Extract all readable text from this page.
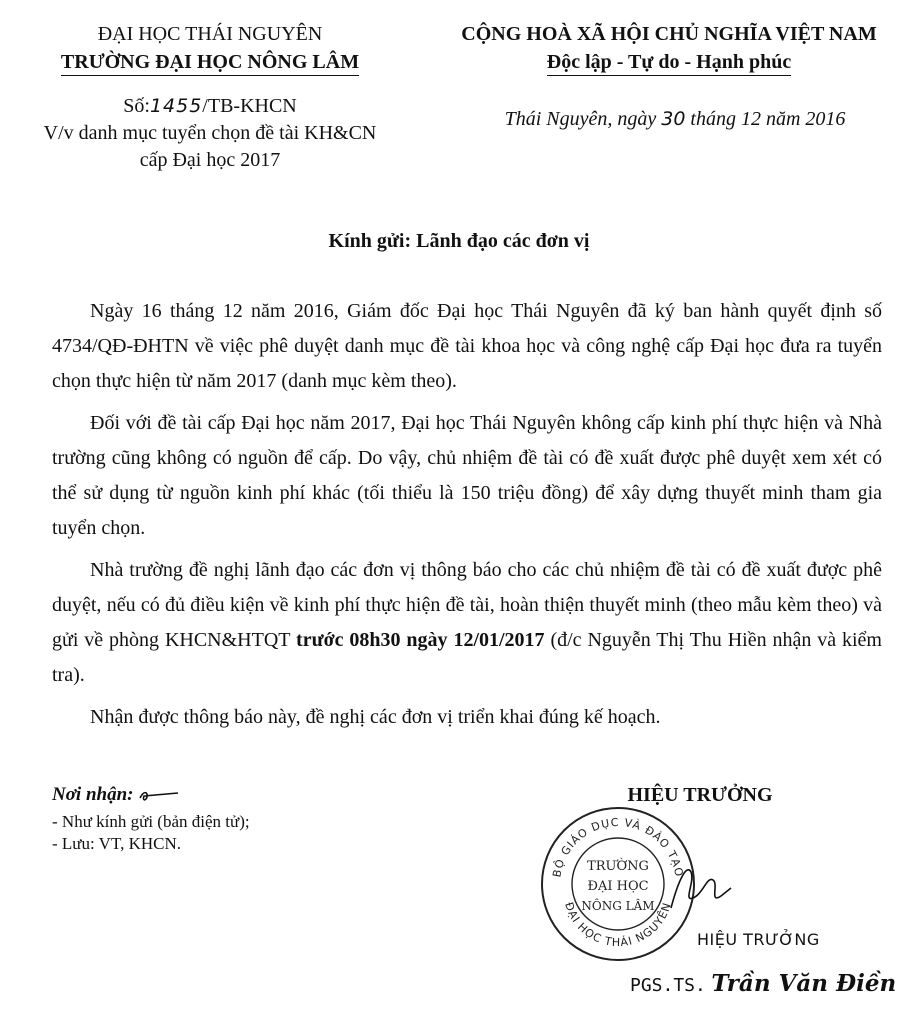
ĐẠI HỌC THÁI NGUYÊN
TRƯỜNG ĐẠI HỌC NÔNG LÂM
Số:1455/TB-KHCN
V/v danh mục tuyển chọn đề tài KH&CN
cấp Đại học 2017
CỘNG HOÀ XÃ HỘI CHỦ NGHĨA VIỆT NAM
Độc lập - Tự do - Hạnh phúc
Thái Nguyên, ngày 30 tháng 12 năm 2016
Kính gửi: Lãnh đạo các đơn vị

Ngày 16 tháng 12 năm 2016, Giám đốc Đại học Thái Nguyên đã ký ban hành quyết định số 4734/QĐ-ĐHTN về việc phê duyệt danh mục đề tài khoa học và công nghệ cấp Đại học đưa ra tuyển chọn thực hiện từ năm 2017 (danh mục kèm theo).

Đối với đề tài cấp Đại học năm 2017, Đại học Thái Nguyên không cấp kinh phí thực hiện và Nhà trường cũng không có nguồn để cấp. Do vậy, chủ nhiệm đề tài có đề xuất được phê duyệt xem xét có thể sử dụng từ nguồn kinh phí khác (tối thiểu là 150 triệu đồng) để xây dựng thuyết minh tham gia tuyển chọn.

Nhà trường đề nghị lãnh đạo các đơn vị thông báo cho các chủ nhiệm đề tài có đề xuất được phê duyệt, nếu có đủ điều kiện về kinh phí thực hiện đề tài, hoàn thiện thuyết minh (theo mẫu kèm theo) và gửi về phòng KHCN&HTQT trước 08h30 ngày 12/01/2017 (đ/c Nguyễn Thị Thu Hiền nhận và kiểm tra).

Nhận được thông báo này, đề nghị các đơn vị triển khai đúng kế hoạch.

Nơi nhận:
- Như kính gửi (bản điện tử);
- Lưu: VT, KHCN.
HIỆU TRƯỞNG
BỘ GIÁO DỤC VÀ ĐÀO TẠO
ĐẠI HỌC THÁI NGUYÊN
TRƯỜNG
ĐẠI HỌC
NÔNG LÂM
HIỆU TRƯỞNG
PGS.TS. Trần Văn Điền
